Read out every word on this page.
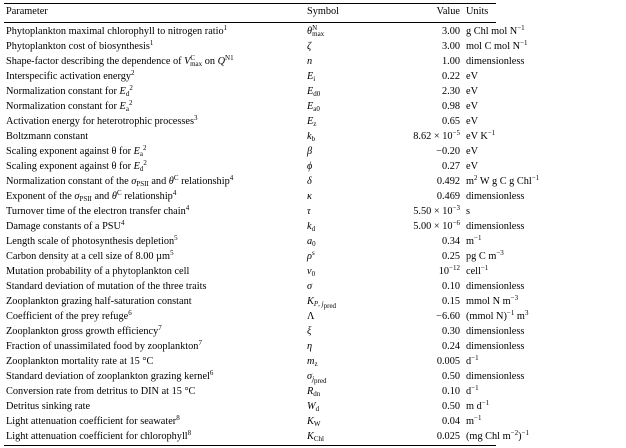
Parameter	Symbol	Value Units
Phytoplankton maximal chlorophyll to nitrogen ratio$^1$	$\theta^N_{max}$	3.00 g Chl mol $N^{-1}$
Phytoplankton cost of biosynthesis$^1$	ζ	3.00 mol C mol $N^{-1}$
Shape-factor describing the dependence of $V^C_{max}$ on $Q^{N1}$	n	1.00 dimensionless
Interspecific activation energy$^2$	$E_i$	0.22 eV
Normalization constant for $E_d^2$	$E_{d0}$	2.30 eV
Normalization constant for $E_a^2$	$E_{a0}$	0.98 eV
Activation energy for heterotrophic processes$^3$	$E_z$	0.65 eV
Boltzmann constant	$k_b$	$8.62 \times 10^{-5}$ eV $K^{-1}$
Scaling exponent against θ for $E_a^2$	β	−0.20 eV
Scaling exponent against θ for $E_d^2$	ϕ	0.27 eV
Normalization constant of the $\sigma_{PSII}$ and $\theta^C$ relationship$^4$	δ	0.492 $m^2$ W g C g Chl$^{-1}$
Exponent of the $\sigma_{PSII}$ and $\theta^C$ relationship$^4$	κ	0.469 dimensionless
Turnover time of the electron transfer chain$^4$	τ	$5.50 \times 10^{-3}$ s
Damage constants of a PSU$^4$	$k_d$	$5.00 \times 10^{-6}$ dimensionless
Length scale of photosynthesis depletion$^5$	$a_0$	0.34 $m^{-1}$
Carbon density at a cell size of 8.00 µm$^5$	$\rho^s$	0.25 pg C $m^{-3}$
Mutation probability of a phytoplankton cell	$\nu_0$	$10^{-12}$ cell$^{-1}$
Standard deviation of mutation of the three traits	σ	0.10 dimensionless
Zooplankton grazing half-saturation constant	$K_{P, j_{pred}}$	0.15 mmol N $m^{-3}$
Coefficient of the prey refuge$^6$	Λ	−6.60 (mmol N)$^{-1}$ $m^3$
Zooplankton gross growth efficiency$^7$	ξ	0.30 dimensionless
Fraction of unassimilated food by zooplankton$^7$	η	0.24 dimensionless
Zooplankton mortality rate at 15 °C	$m_z$	0.005 $d^{-1}$
Standard deviation of zooplankton grazing kernel$^6$	$\sigma_{j_{pred}}$	0.50 dimensionless
Conversion rate from detritus to DIN at 15 °C	$R_{dn}$	0.10 $d^{-1}$
Detritus sinking rate	$W_d$	0.50 m $d^{-1}$
Light attenuation coefficient for seawater$^8$	$K_W$	0.04 $m^{-1}$
Light attenuation coefficient for chlorophyll$^8$	$K_{Chl}$	0.025 (mg Chl $m^{-2})^{-1}$
